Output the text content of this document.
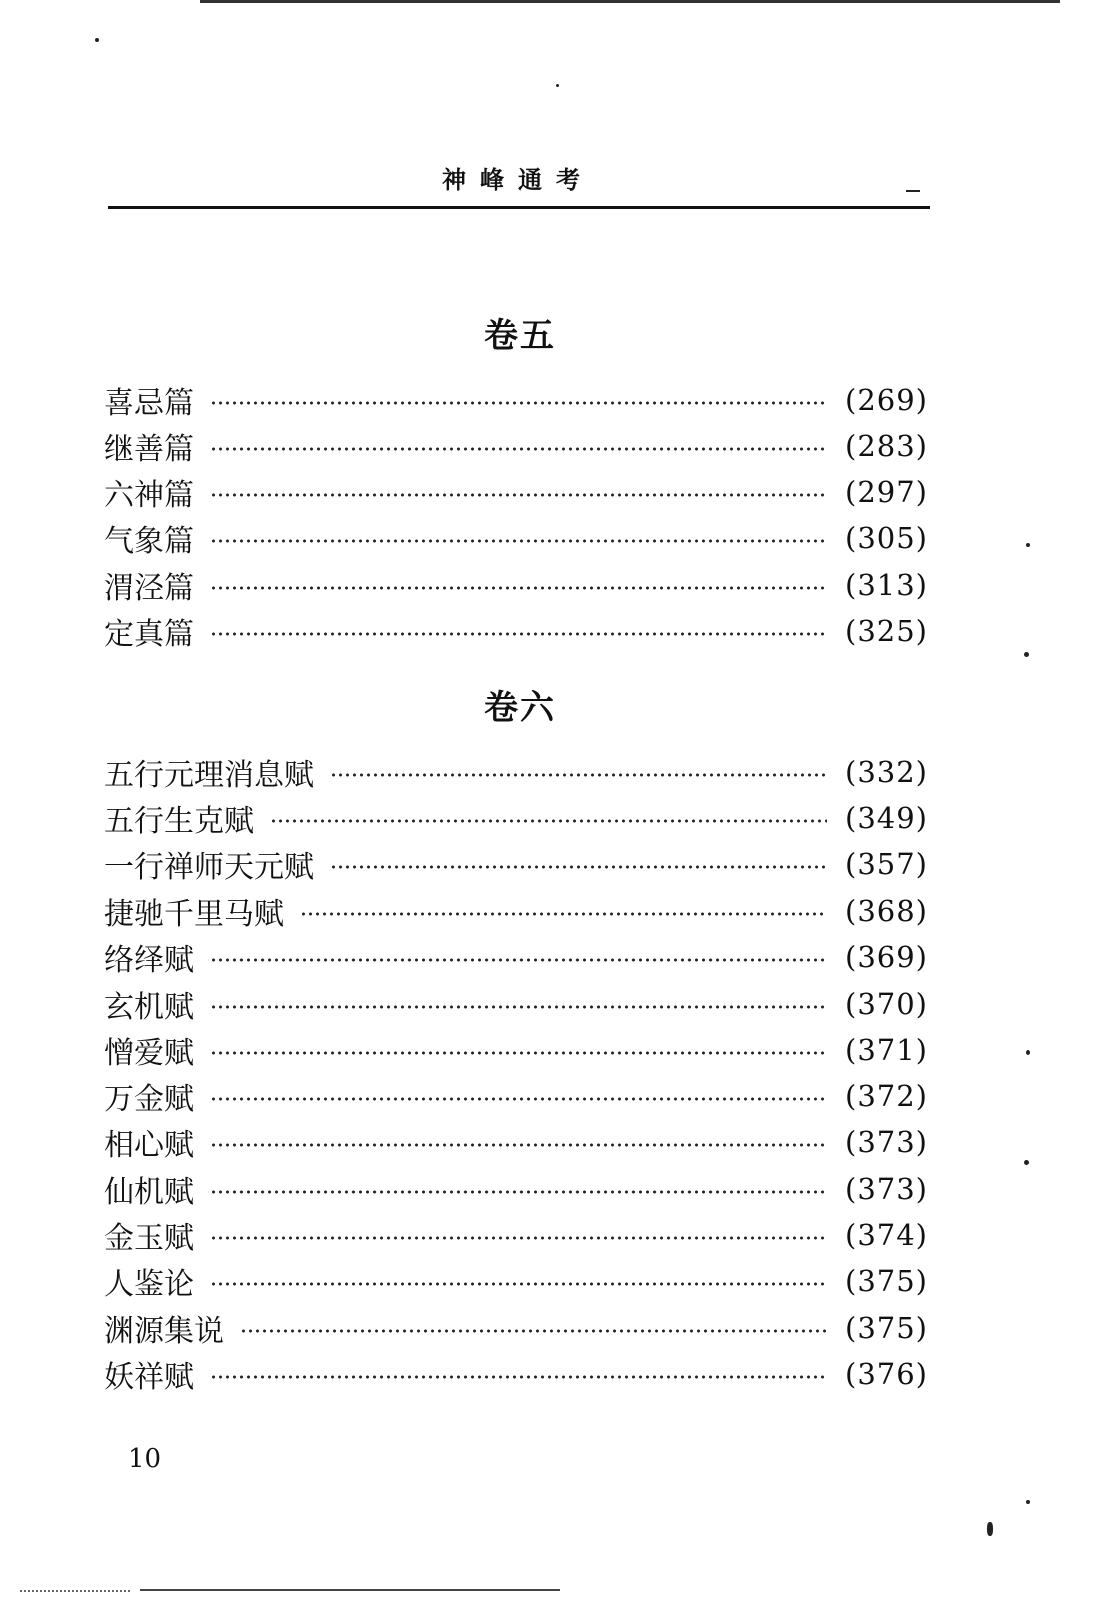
神峰通考
卷五
喜忌篇	(269)
继善篇	(283)
六神篇	(297)
气象篇	(305)
渭泾篇	(313)
定真篇	(325)
卷六
五行元理消息赋	(332)
五行生克赋	(349)
一行禅师天元赋	(357)
捷驰千里马赋	(368)
络绎赋	(369)
玄机赋	(370)
憎爱赋	(371)
万金赋	(372)
相心赋	(373)
仙机赋	(373)
金玉赋	(374)
人鉴论	(375)
渊源集说	(375)
妖祥赋	(376)
10
